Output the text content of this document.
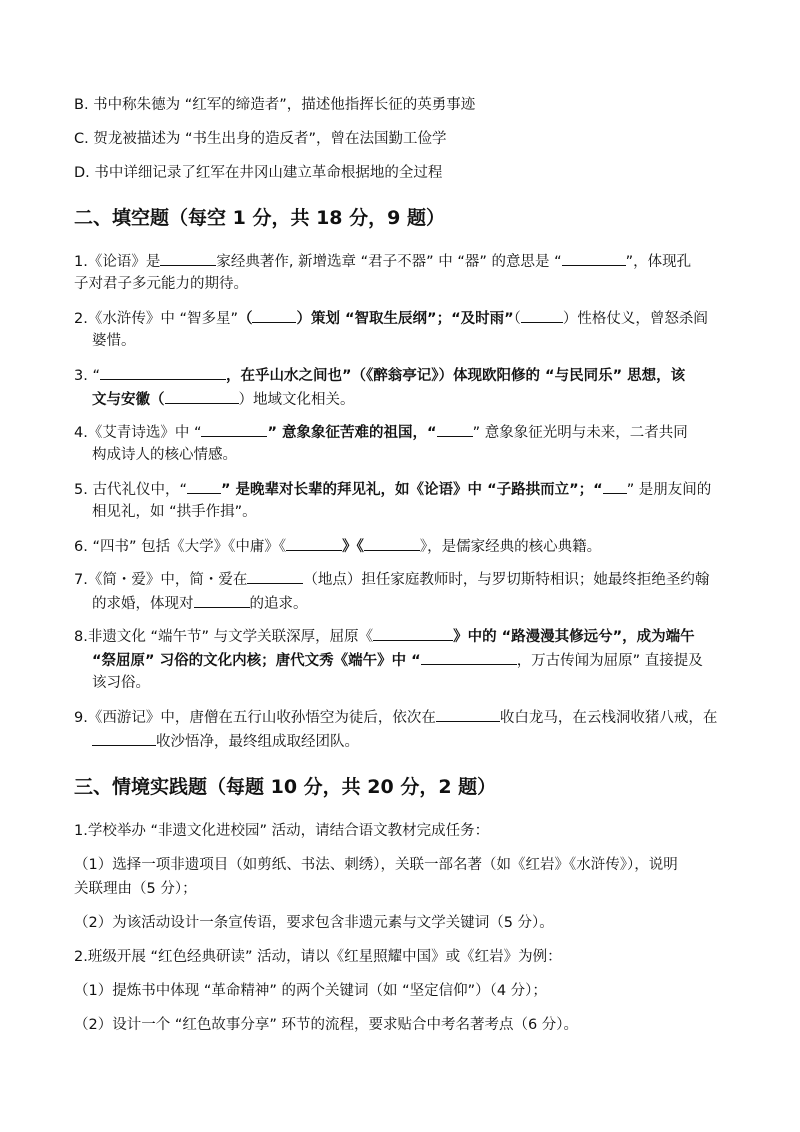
B. 书中称朱德为 “红军的缔造者”，描述他指挥长征的英勇事迹
C. 贺龙被描述为 “书生出身的造反者”，曾在法国勤工俭学
D. 书中详细记录了红军在井冈山建立革命根据地的全过程
二、填空题（每空 1 分，共 18 分，9 题）
1.《论语》是	家经典著作, 新增选章 “君子不器” 中 “器” 的意思是 “	”，体现孔
子对君子多元能力的期待。
2.《水浒传》中 “智多星”（	）策划 “智取生辰纲”；“及时雨”（	）性格仗义，曾怒杀阎
婆惜。
3. “	，在乎山水之间也”（《醉翁亭记》）体现欧阳修的 “与民同乐” 思想，该
文与安徽（	）地域文化相关。
4.《艾青诗选》中 “	” 意象象征苦难的祖国，“ ” 意象象征光明与未来，二者共同
构成诗人的核心情感。
5. 古代礼仪中，“ ” 是晚辈对长辈的拜见礼，如《论语》中 “子路拱而立”；“ ” 是朋友间的
相见礼，如 “拱手作揖”。
6. “四书” 包括《大学》《中庸》《	》《	》，是儒家经典的核心典籍。
7.《简・爱》中，简・爱在	（地点）担任家庭教师时，与罗切斯特相识；她最终拒绝圣约翰
的求婚，体现对	的追求。
8.非遗文化 “端午节” 与文学关联深厚，屈原《	》中的 “路漫漫其修远兮”，成为端午
“祭屈原” 习俗的文化内核；唐代文秀《端午》中 “	，万古传闻为屈原” 直接提及
该习俗。
9.《西游记》中，唐僧在五行山收孙悟空为徒后，依次在	收白龙马，在云栈洞收猪八戒，在
收沙悟净，最终组成取经团队。
三、情境实践题（每题 10 分，共 20 分，2 题）
1.学校举办 “非遗文化进校园” 活动，请结合语文教材完成任务：
（1）选择一项非遗项目（如剪纸、书法、刺绣），关联一部名著（如《红岩》《水浒传》），说明
关联理由（5 分）；
（2）为该活动设计一条宣传语，要求包含非遗元素与文学关键词（5 分）。
2.班级开展 “红色经典研读” 活动，请以《红星照耀中国》或《红岩》为例：
（1）提炼书中体现 “革命精神” 的两个关键词（如 “坚定信仰”）（4 分）；
（2）设计一个 “红色故事分享” 环节的流程，要求贴合中考名著考点（6 分）。
